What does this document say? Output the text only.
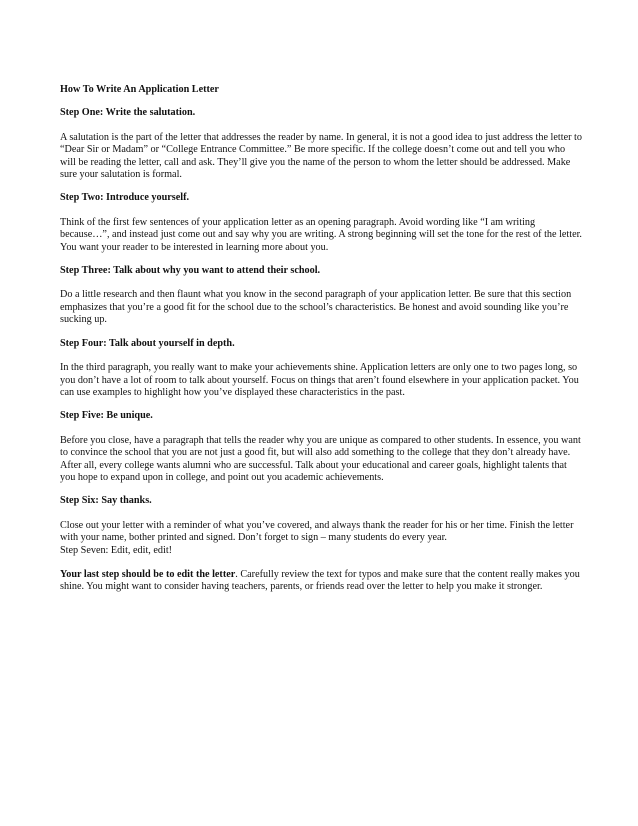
How To Write An Application Letter

Step One: Write the salutation.

A salutation is the part of the letter that addresses the reader by name. In general, it is not a good idea to just address the letter to “Dear Sir or Madam” or “College Entrance Committee.” Be more specific. If the college doesn’t come out and tell you who will be reading the letter, call and ask. They’ll give you the name of the person to whom the letter should be addressed. Make sure your salutation is formal.

Step Two: Introduce yourself.

Think of the first few sentences of your application letter as an opening paragraph. Avoid wording like “I am writing because…”, and instead just come out and say why you are writing. A strong beginning will set the tone for the rest of the letter. You want your reader to be interested in learning more about you.

Step Three: Talk about why you want to attend their school.

Do a little research and then flaunt what you know in the second paragraph of your application letter. Be sure that this section emphasizes that you’re a good fit for the school due to the school’s characteristics. Be honest and avoid sounding like you’re sucking up.

Step Four: Talk about yourself in depth.

In the third paragraph, you really want to make your achievements shine. Application letters are only one to two pages long, so you don’t have a lot of room to talk about yourself. Focus on things that aren’t found elsewhere in your application packet. You can use examples to highlight how you’ve displayed these characteristics in the past.

Step Five: Be unique.

Before you close, have a paragraph that tells the reader why you are unique as compared to other students. In essence, you want to convince the school that you are not just a good fit, but will also add something to the college that they don’t already have. After all, every college wants alumni who are successful. Talk about your educational and career goals, highlight talents that you hope to expand upon in college, and point out you academic achievements.

Step Six: Say thanks.

Close out your letter with a reminder of what you’ve covered, and always thank the reader for his or her time. Finish the letter with your name, bother printed and signed. Don’t forget to sign – many students do every year.

Step Seven: Edit, edit, edit!

Your last step should be to edit the letter. Carefully review the text for typos and make sure that the content really makes you shine. You might want to consider having teachers, parents, or friends read over the letter to help you make it stronger.
